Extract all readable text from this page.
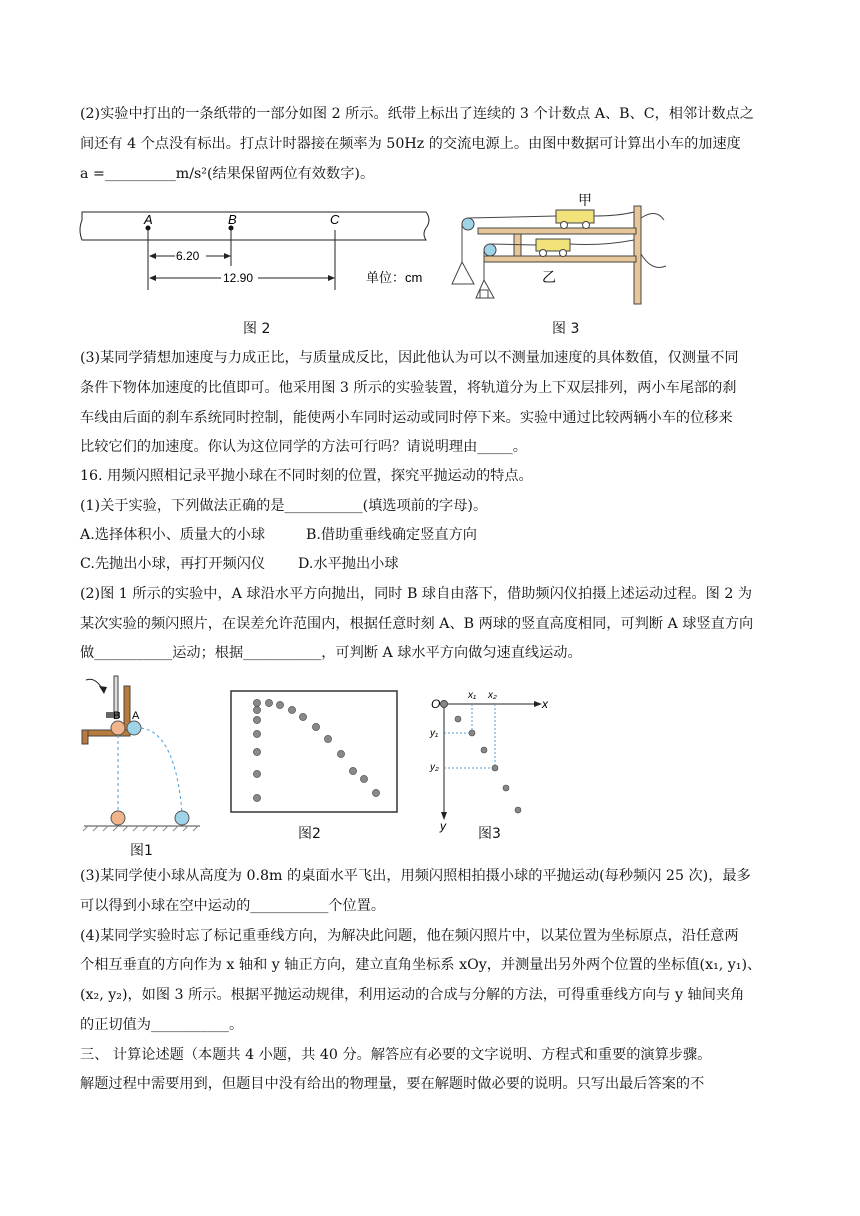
(2)实验中打出的一条纸带的一部分如图 2 所示。纸带上标出了连续的 3 个计数点 A、B、C，相邻计数点之
间还有 4 个点没有标出。打点计时器接在频率为 50Hz 的交流电源上。由图中数据可计算出小车的加速度
a =__________m/s²(结果保留两位有效数字)。
A	B	C
6.20
12.90	单位：cm
图 2
甲
乙
图 3
(3)某同学猜想加速度与力成正比，与质量成反比，因此他认为可以不测量加速度的具体数值，仅测量不同
条件下物体加速度的比值即可。他采用图 3 所示的实验装置，将轨道分为上下双层排列，两小车尾部的刹
车线由后面的刹车系统同时控制，能使两小车同时运动或同时停下来。实验中通过比较两辆小车的位移来
比较它们的加速度。你认为这位同学的方法可行吗？请说明理由_____。
16. 用频闪照相记录平抛小球在不同时刻的位置，探究平抛运动的特点。
(1)关于实验，下列做法正确的是___________(填选项前的字母)。
A.选择体积小、质量大的小球	B.借助重垂线确定竖直方向
C.先抛出小球，再打开频闪仪 D.水平抛出小球
(2)图 1 所示的实验中，A 球沿水平方向抛出，同时 B 球自由落下，借助频闪仪拍摄上述运动过程。图 2 为
某次实验的频闪照片，在误差允许范围内，根据任意时刻 A、B 两球的竖直高度相同，可判断 A 球竖直方向
做___________运动；根据___________，可判断 A 球水平方向做匀速直线运动。
B A
图1
图2
O	x
y
x₁ x₂
y₁
y₂
图3
(3)某同学使小球从高度为 0.8m 的桌面水平飞出，用频闪照相拍摄小球的平抛运动(每秒频闪 25 次)，最多
可以得到小球在空中运动的___________个位置。
(4)某同学实验时忘了标记重垂线方向，为解决此问题，他在频闪照片中，以某位置为坐标原点，沿任意两
个相互垂直的方向作为 x 轴和 y 轴正方向，建立直角坐标系 xOy，并测量出另外两个位置的坐标值(x₁, y₁)、
(x₂, y₂)，如图 3 所示。根据平抛运动规律，利用运动的合成与分解的方法，可得重垂线方向与 y 轴间夹角
的正切值为___________。
三、 计算论述题（本题共 4 小题，共 40 分。解答应有必要的文字说明、方程式和重要的演算步骤。
解题过程中需要用到，但题目中没有给出的物理量，要在解题时做必要的说明。只写出最后答案的不
